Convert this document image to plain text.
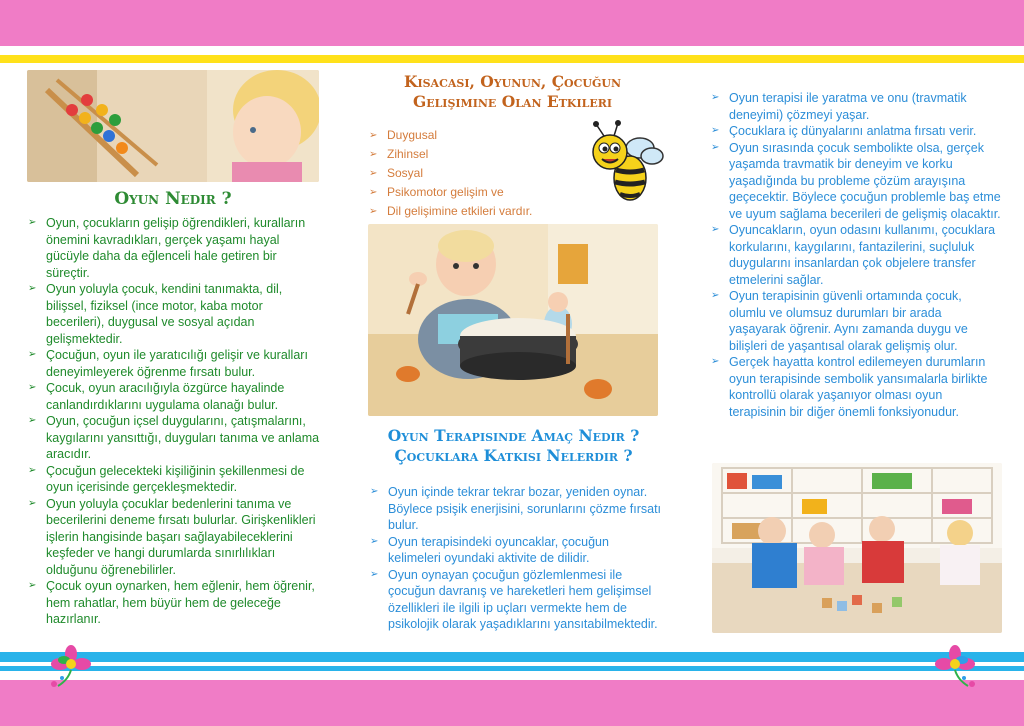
Oyun Nedir ?
➢ Oyun, çocukların gelişip öğrendikleri, kuralların önemini kavradıkları, gerçek yaşamı hayal gücüyle daha da eğlenceli hale getiren bir süreçtir.
➢ Oyun yoluyla çocuk, kendini tanımakta, dil, bilişsel, fiziksel (ince motor, kaba motor becerileri), duygusal ve sosyal açıdan gelişmektedir.
➢ Çocuğun, oyun ile yaratıcılığı gelişir ve kuralları deneyimleyerek öğrenme fırsatı bulur.
➢ Çocuk, oyun aracılığıyla özgürce hayalinde canlandırdıklarını uygulama olanağı bulur.
➢ Oyun, çocuğun içsel duygularını, çatışmalarını, kaygılarını yansıttığı, duyguları tanıma ve anlama aracıdır.
➢ Çocuğun gelecekteki kişiliğinin şekillenmesi de oyun içerisinde gerçekleşmektedir.
➢ Oyun yoluyla çocuklar bedenlerini tanıma ve becerilerini deneme fırsatı bulurlar. Girişkenlikleri işlerin hangisinde başarı sağlayabileceklerini keşfeder ve hangi durumlarda sınırlılıkları olduğunu öğrenebilirler.
➢ Çocuk oyun oynarken, hem eğlenir, hem öğrenir, hem rahatlar, hem büyür hem de geleceğe hazırlanır.
Kısacası, Oyunun, Çocuğun
Gelişimine Olan Etkileri
➢ Duygusal
➢ Zihinsel
➢ Sosyal
➢ Psikomotor gelişim ve
➢ Dil gelişimine etkileri vardır.
Oyun Terapisinde Amaç Nedir ?
Çocuklara Katkısı Nelerdir ?
➢ Oyun içinde tekrar tekrar bozar, yeniden oynar. Böylece psişik enerjisini, sorunlarını çözme fırsatı bulur.
➢ Oyun terapisindeki oyuncaklar, çocuğun kelimeleri oyundaki aktivite de dilidir.
➢ Oyun oynayan çocuğun gözlemlenmesi ile çocuğun davranış ve hareketleri hem gelişimsel özellikleri ile ilgili ip uçları vermekte hem de psikolojik olarak yaşadıklarını yansıtabilmektedir.
➢ Oyun terapisi ile yaratma ve onu (travmatik deneyimi) çözmeyi yaşar.
➢ Çocuklara iç dünyalarını anlatma fırsatı verir.
➢ Oyun sırasında çocuk sembolikte olsa, gerçek yaşamda travmatik bir deneyim ve korku yaşadığında bu probleme çözüm arayışına geçecektir. Böylece çocuğun problemle baş etme ve uyum sağlama becerileri de gelişmiş olacaktır.
➢ Oyuncakların, oyun odasını kullanımı, çocuklara korkularını, kaygılarını, fantazilerini, suçluluk duygularını insanlardan çok objelere transfer etmelerini sağlar.
➢ Oyun terapisinin güvenli ortamında çocuk, olumlu ve olumsuz durumları bir arada yaşayarak öğrenir. Aynı zamanda duygu ve bilişleri de yaşantısal olarak gelişmiş olur.
➢ Gerçek hayatta kontrol edilemeyen durumların oyun terapisinde sembolik yansımalarla birlikte kontrollü olarak yaşanıyor olması oyun terapisinin bir diğer önemli fonksiyonudur.
